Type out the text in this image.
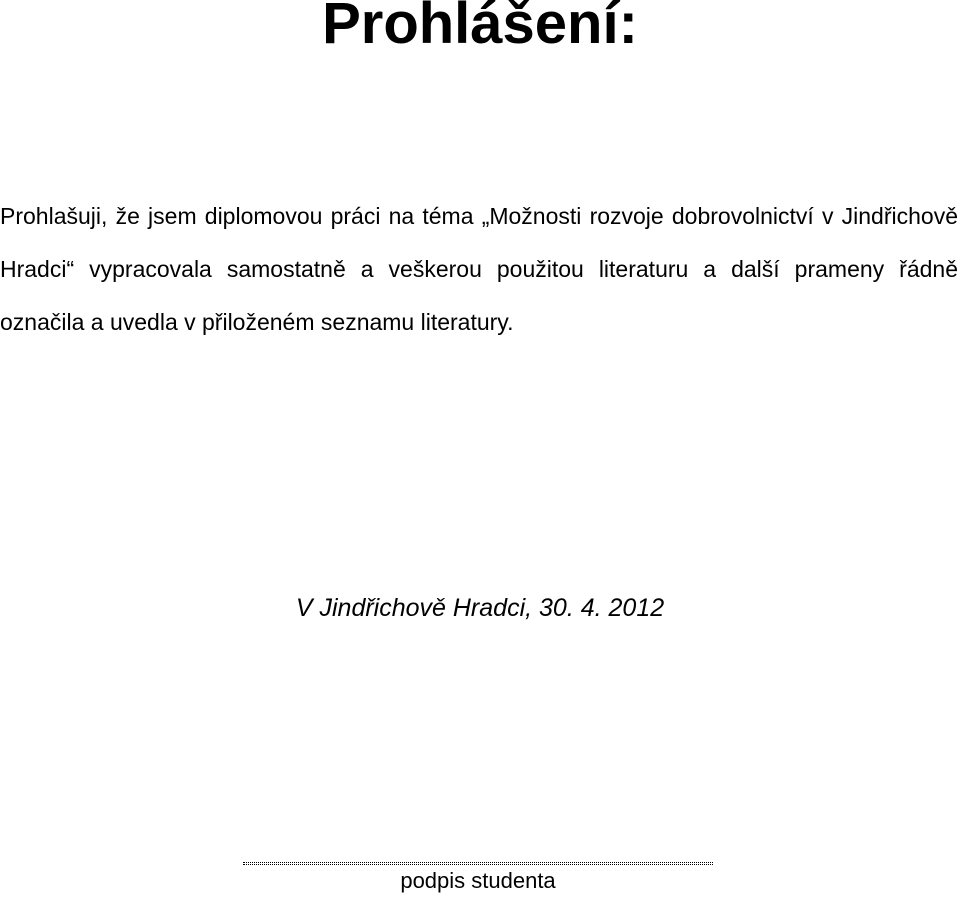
Prohlášení:

Prohlašuji, že jsem diplomovou práci na téma „Možnosti rozvoje dobrovolnictví v Jindřichově Hradci“ vypracovala samostatně a veškerou použitou literaturu a další prameny řádně označila a uvedla v přiloženém seznamu literatury.

V Jindřichově Hradci, 30. 4. 2012

podpis studenta
